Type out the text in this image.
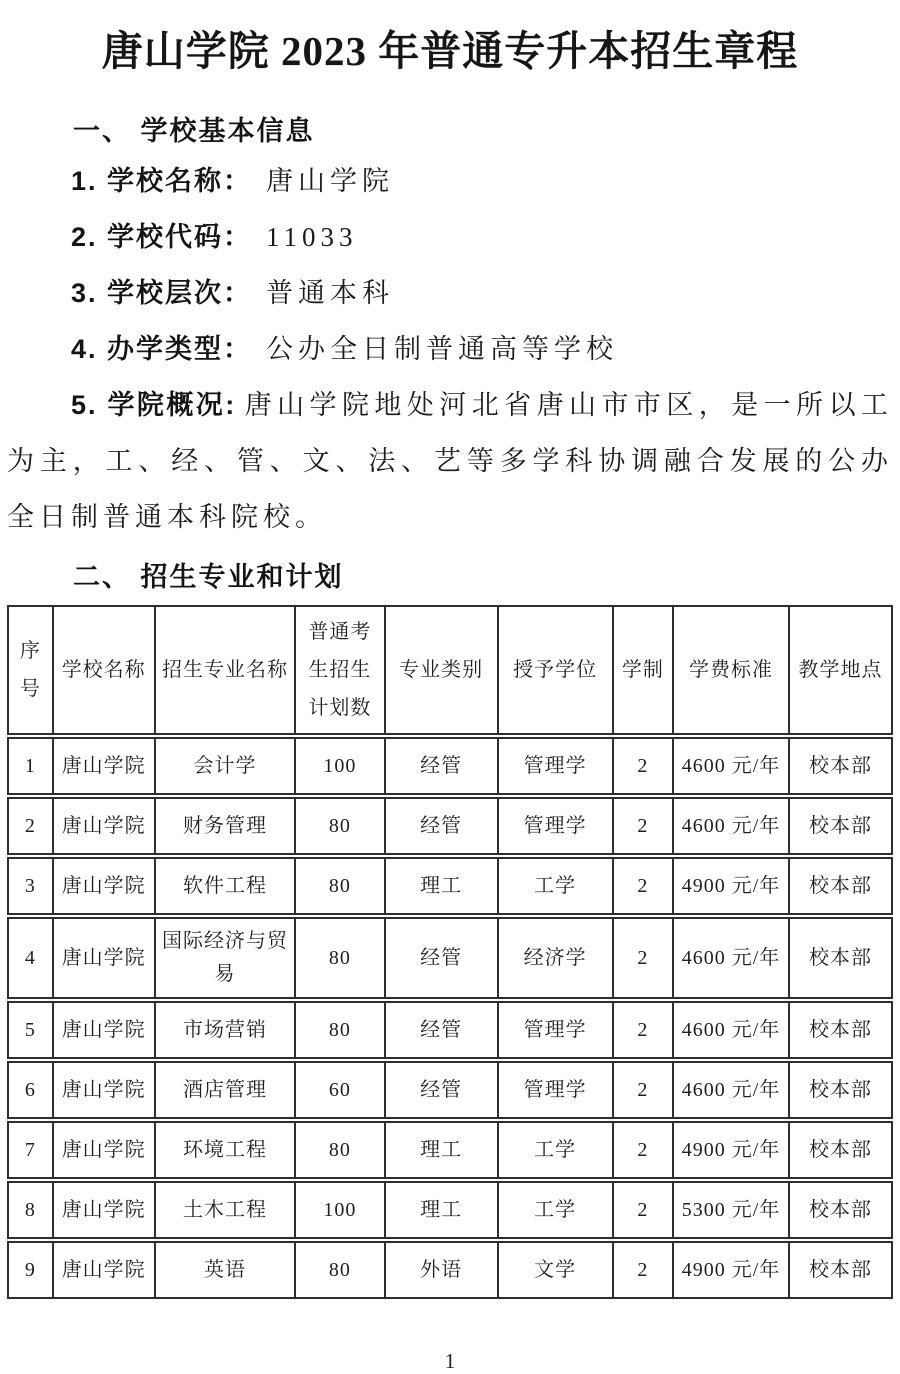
唐山学院 2023 年普通专升本招生章程
一、 学校基本信息
1. 学校名称： 唐山学院
2. 学校代码： 11033
3. 学校层次： 普通本科
4. 办学类型： 公办全日制普通高等学校

5. 学院概况: 唐山学院地处河北省唐山市市区，是一所以工为主，工、经、管、文、法、艺等多学科协调融合发展的公办全日制普通本科院校。

二、 招生专业和计划
序号	学校名称	招生专业名称	普通考生招生计划数	专业类别	授予学位	学制	学费标准	教学地点
1	唐山学院	会计学	100	经管	管理学	2	4600 元/年	校本部
2	唐山学院	财务管理	80	经管	管理学	2	4600 元/年	校本部
3	唐山学院	软件工程	80	理工	工学	2	4900 元/年	校本部
4	唐山学院	国际经济与贸易	80	经管	经济学	2	4600 元/年	校本部
5	唐山学院	市场营销	80	经管	管理学	2	4600 元/年	校本部
6	唐山学院	酒店管理	60	经管	管理学	2	4600 元/年	校本部
7	唐山学院	环境工程	80	理工	工学	2	4900 元/年	校本部
8	唐山学院	土木工程	100	理工	工学	2	5300 元/年	校本部
9	唐山学院	英语	80	外语	文学	2	4900 元/年	校本部
1
